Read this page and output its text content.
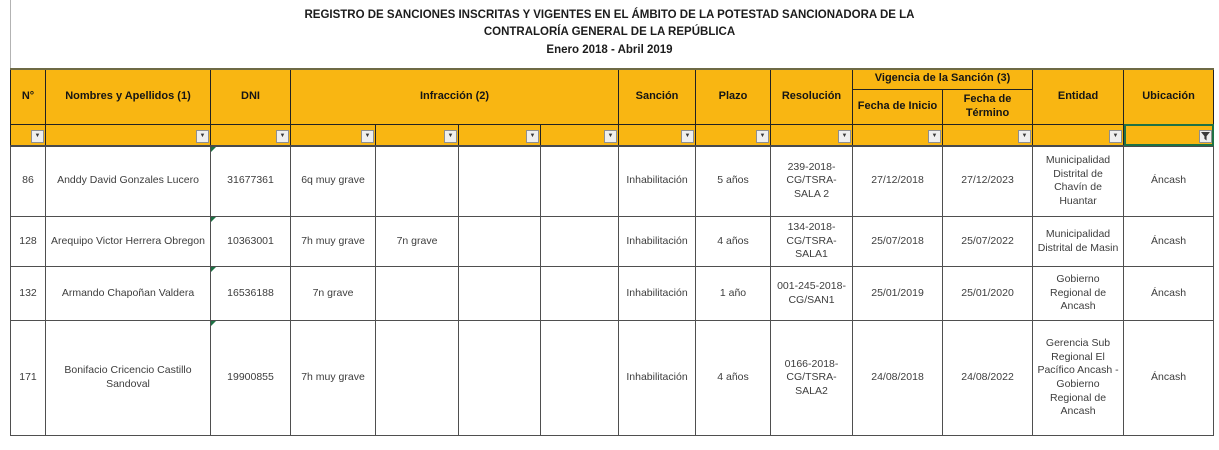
REGISTRO DE SANCIONES INSCRITAS Y VIGENTES EN EL ÁMBITO DE LA POTESTAD SANCIONADORA DE LA
CONTRALORÍA GENERAL DE LA REPÚBLICA
Enero 2018 - Abril 2019
N°	Nombres y Apellidos (1)	DNI	Infracción (2)				Sanción	Plazo	Resolución	Vigencia de la Sanción (3)		Entidad	Ubicación
										Fecha de Inicio	Fecha de Término		

▼	▼	▼	▼	▼	▼	▼	▼	▼	▼	▼	▼	▼

86	Anddy David Gonzales Lucero	31677361	6q muy grave				Inhabilitación	5 años	239-2018-CG/TSRA-SALA 2	27/12/2018	27/12/2023	Municipalidad Distrital de Chavín de Huantar	Áncash
128	Arequipo Victor Herrera Obregon	10363001	7h muy grave	7n grave			Inhabilitación	4 años	134-2018-CG/TSRA-SALA1	25/07/2018	25/07/2022	Municipalidad Distrital de Masin	Áncash
132	Armando Chapoñan Valdera	16536188	7n grave				Inhabilitación	1 año	001-245-2018-CG/SAN1	25/01/2019	25/01/2020	Gobierno Regional de Ancash	Áncash
171	Bonifacio Cricencio Castillo Sandoval	19900855	7h muy grave				Inhabilitación	4 años	0166-2018-CG/TSRA-SALA2	24/08/2018	24/08/2022	Gerencia Sub Regional El Pacífico Ancash - Gobierno Regional de Ancash	Áncash
